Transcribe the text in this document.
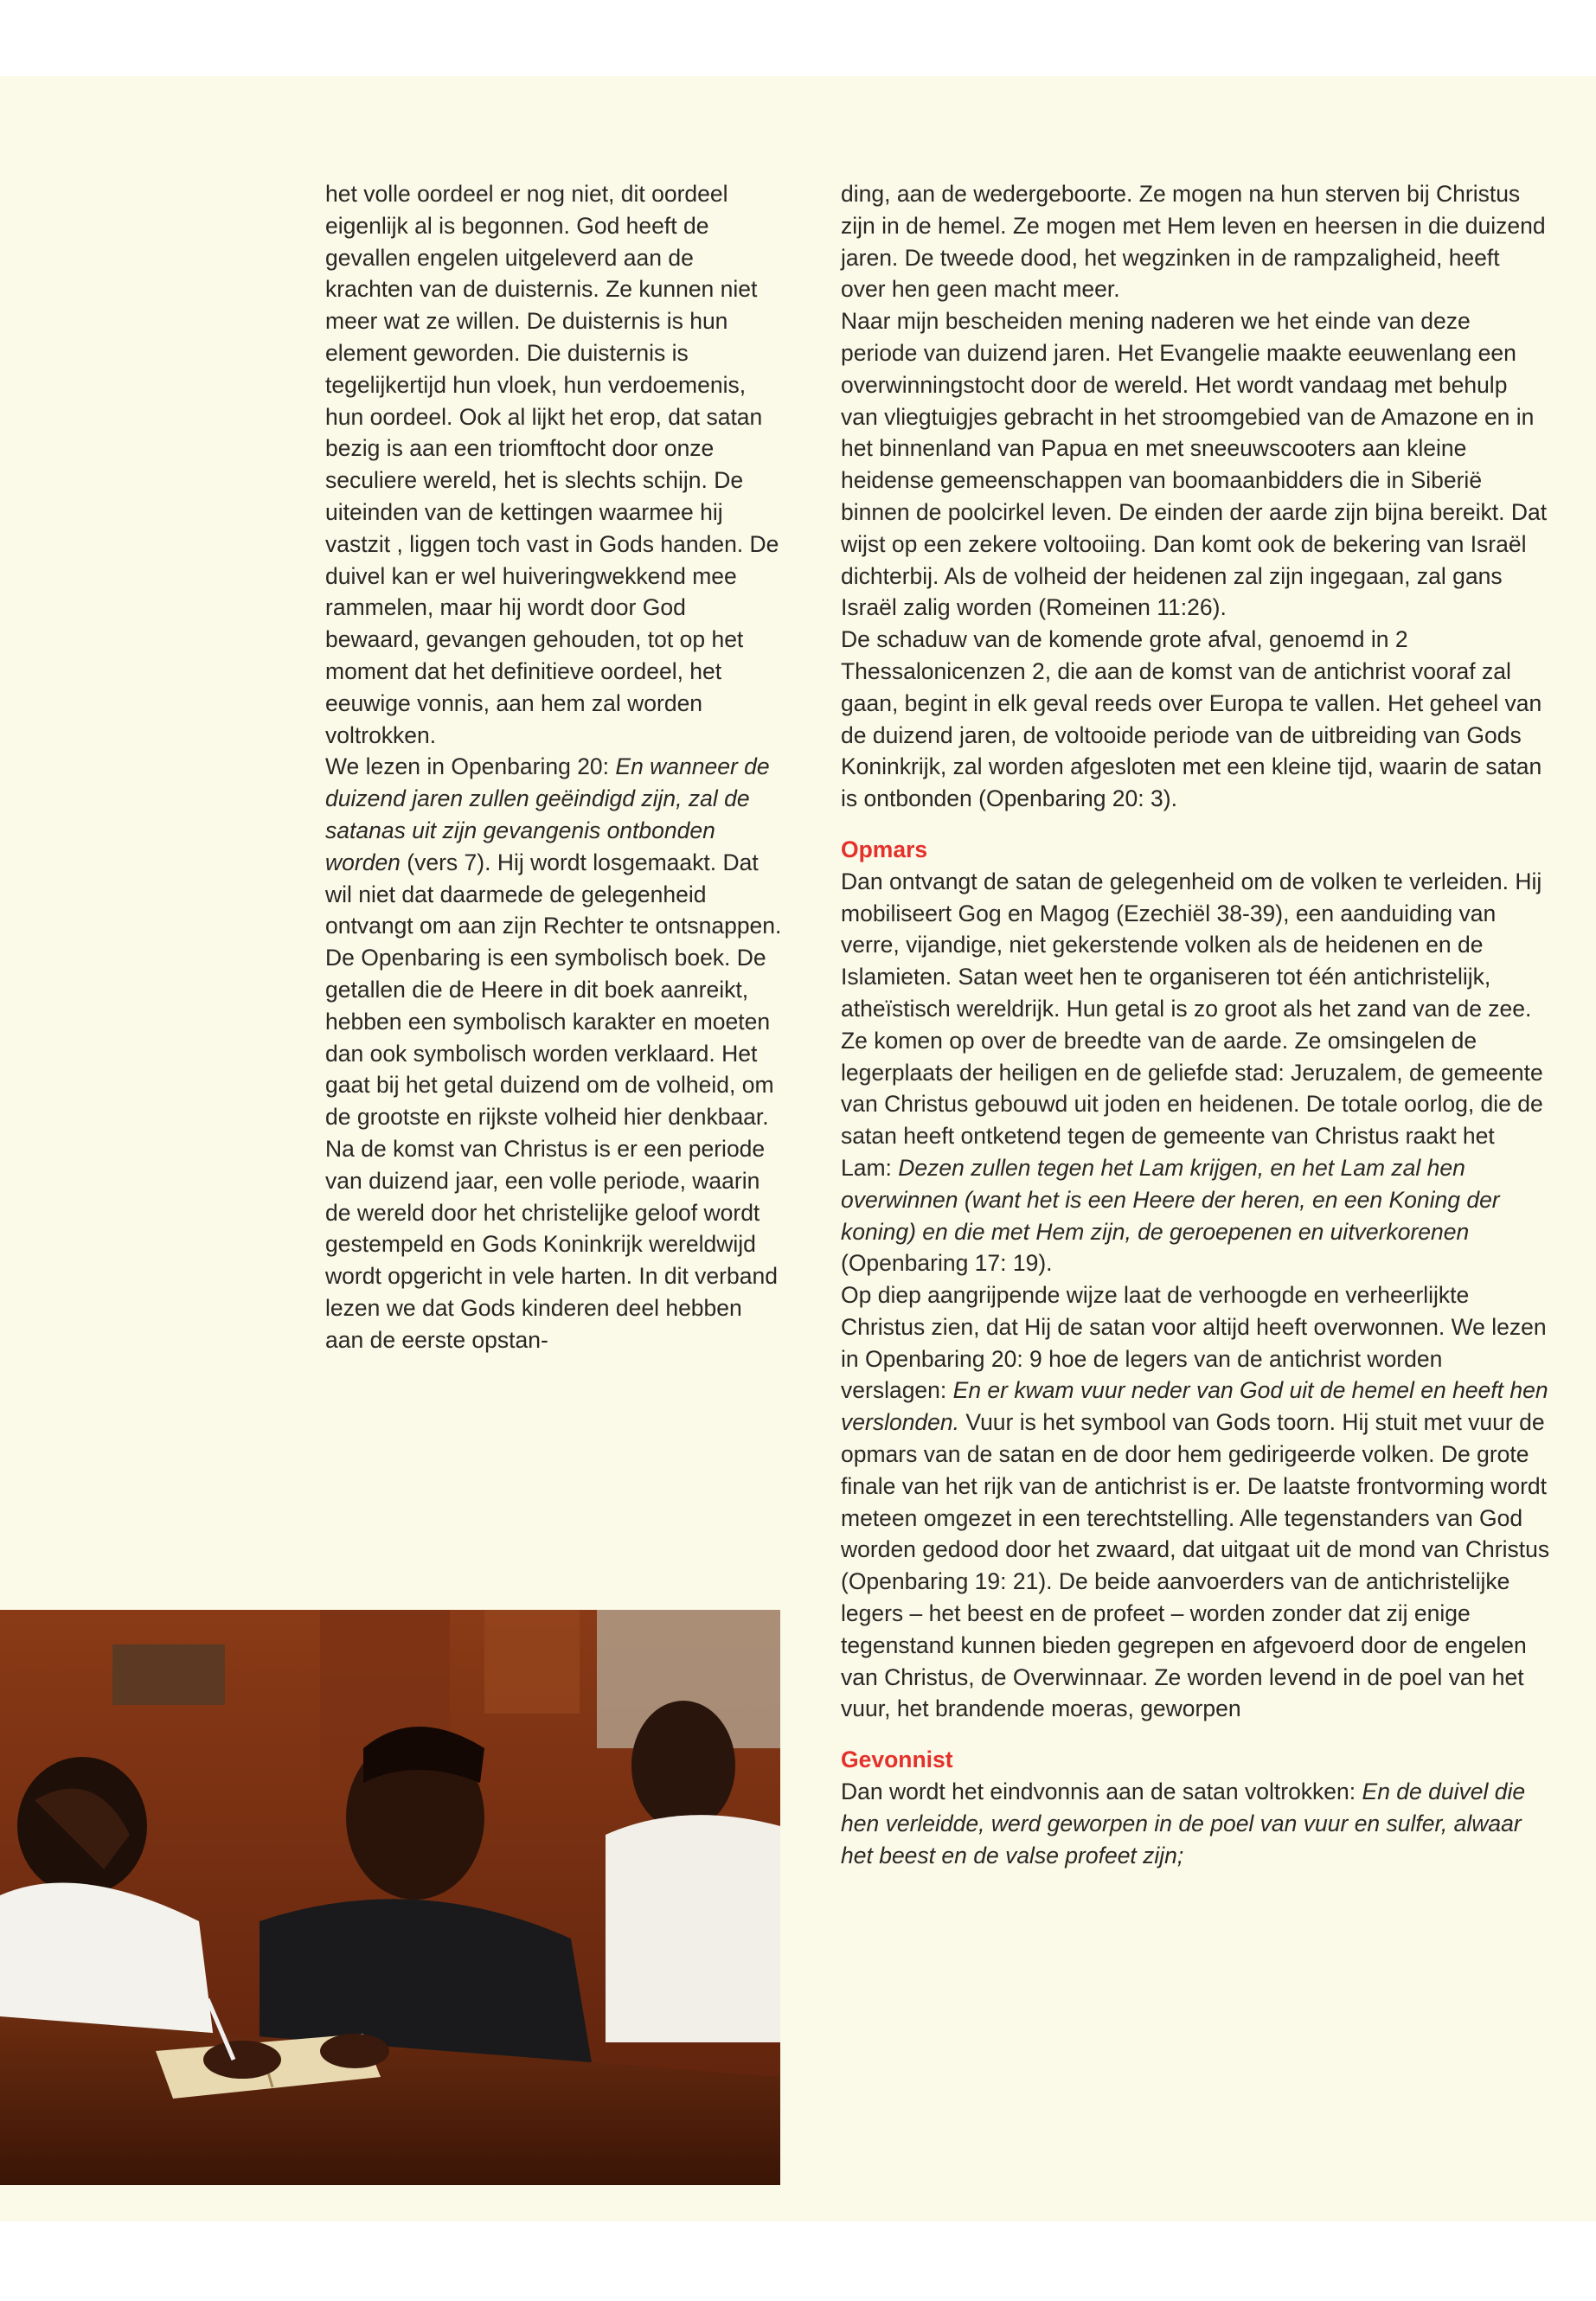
het volle oordeel er nog niet, dit oordeel eigenlijk al is begonnen. God heeft de gevallen engelen uitgeleverd aan de krachten van de duisternis. Ze kunnen niet meer wat ze willen. De duisternis is hun element geworden. Die duisternis is tegelijkertijd hun vloek, hun verdoemenis, hun oordeel. Ook al lijkt het erop, dat satan bezig is aan een triomftocht door onze seculiere wereld, het is slechts schijn. De uiteinden van de kettingen waarmee hij vastzit , liggen toch vast in Gods handen. De duivel kan er wel huiveringwekkend mee rammelen, maar hij wordt door God bewaard, gevangen gehouden, tot op het moment dat het definitieve oordeel, het eeuwige vonnis, aan hem zal worden voltrokken.

We lezen in Openbaring 20: En wanneer de duizend jaren zullen geëindigd zijn, zal de satanas uit zijn gevangenis ontbonden worden (vers 7). Hij wordt losgemaakt. Dat wil niet dat daarmede de gelegenheid ontvangt om aan zijn Rechter te ontsnappen.

De Openbaring is een symbolisch boek. De getallen die de Heere in dit boek aanreikt, hebben een symbolisch karakter en moeten dan ook symbolisch worden verklaard. Het gaat bij het getal duizend om de volheid, om de grootste en rijkste volheid hier denkbaar. Na de komst van Christus is er een periode van duizend jaar, een volle periode, waarin de wereld door het christelijke geloof wordt gestempeld en Gods Koninkrijk wereldwijd wordt opgericht in vele harten. In dit verband lezen we dat Gods kinderen deel hebben aan de eerste opstan-

ding, aan de wedergeboorte. Ze mogen na hun sterven bij Christus zijn in de hemel. Ze mogen met Hem leven en heersen in die duizend jaren. De tweede dood, het wegzinken in de rampzaligheid, heeft over hen geen macht meer.

Naar mijn bescheiden mening naderen we het einde van deze periode van duizend jaren. Het Evangelie maakte eeuwenlang een overwinningstocht door de wereld. Het wordt vandaag met behulp van vliegtuigjes gebracht in het stroomgebied van de Amazone en in het binnenland van Papua en met sneeuwscooters aan kleine heidense gemeenschappen van boomaanbidders die in Siberië binnen de poolcirkel leven. De einden der aarde zijn bijna bereikt. Dat wijst op een zekere voltooiing. Dan komt ook de bekering van Israël dichterbij. Als de volheid der heidenen zal zijn ingegaan, zal gans Israël zalig worden (Romeinen 11:26).

De schaduw van de komende grote afval, genoemd in 2 Thessalonicenzen 2, die aan de komst van de antichrist vooraf zal gaan, begint in elk geval reeds over Europa te vallen. Het geheel van de duizend jaren, de voltooide periode van de uitbreiding van Gods Koninkrijk, zal worden afgesloten met een kleine tijd, waarin de satan is ontbonden (Openbaring 20: 3).

Opmars

Dan ontvangt de satan de gelegenheid om de volken te verleiden. Hij mobiliseert Gog en Magog (Ezechiël 38-39), een aanduiding van verre, vijandige, niet gekerstende volken als de heidenen en de Islamieten. Satan weet hen te organiseren tot één antichristelijk, atheïstisch wereldrijk. Hun getal is zo groot als het zand van de zee. Ze komen op over de breedte van de aarde. Ze omsingelen de legerplaats der heiligen en de geliefde stad: Jeruzalem, de gemeente van Christus gebouwd uit joden en heidenen. De totale oorlog, die de satan heeft ontketend tegen de gemeente van Christus raakt het Lam: Dezen zullen tegen het Lam krijgen, en het Lam zal hen overwinnen (want het is een Heere der heren, en een Koning der koning) en die met Hem zijn, de geroepenen en uitverkorenen (Openbaring 17: 19).

Op diep aangrijpende wijze laat de verhoogde en verheerlijkte Christus zien, dat Hij de satan voor altijd heeft overwonnen. We lezen in Openbaring 20: 9 hoe de legers van de antichrist worden verslagen: En er kwam vuur neder van God uit de hemel en heeft hen verslonden. Vuur is het symbool van Gods toorn. Hij stuit met vuur de opmars van de satan en de door hem gedirigeerde volken. De grote finale van het rijk van de antichrist is er. De laatste frontvorming wordt meteen omgezet in een terechtstelling. Alle tegenstanders van God worden gedood door het zwaard, dat uitgaat uit de mond van Christus (Openbaring 19: 21). De beide aanvoerders van de antichristelijke legers – het beest en de profeet – worden zonder dat zij enige tegenstand kunnen bieden gegrepen en afgevoerd door de engelen van Christus, de Overwinnaar. Ze worden levend in de poel van het vuur, het brandende moeras, geworpen

Gevonnist

Dan wordt het eindvonnis aan de satan voltrokken: En de duivel die hen verleidde, werd geworpen in de poel van vuur en sulfer, alwaar het beest en de valse profeet zijn;
